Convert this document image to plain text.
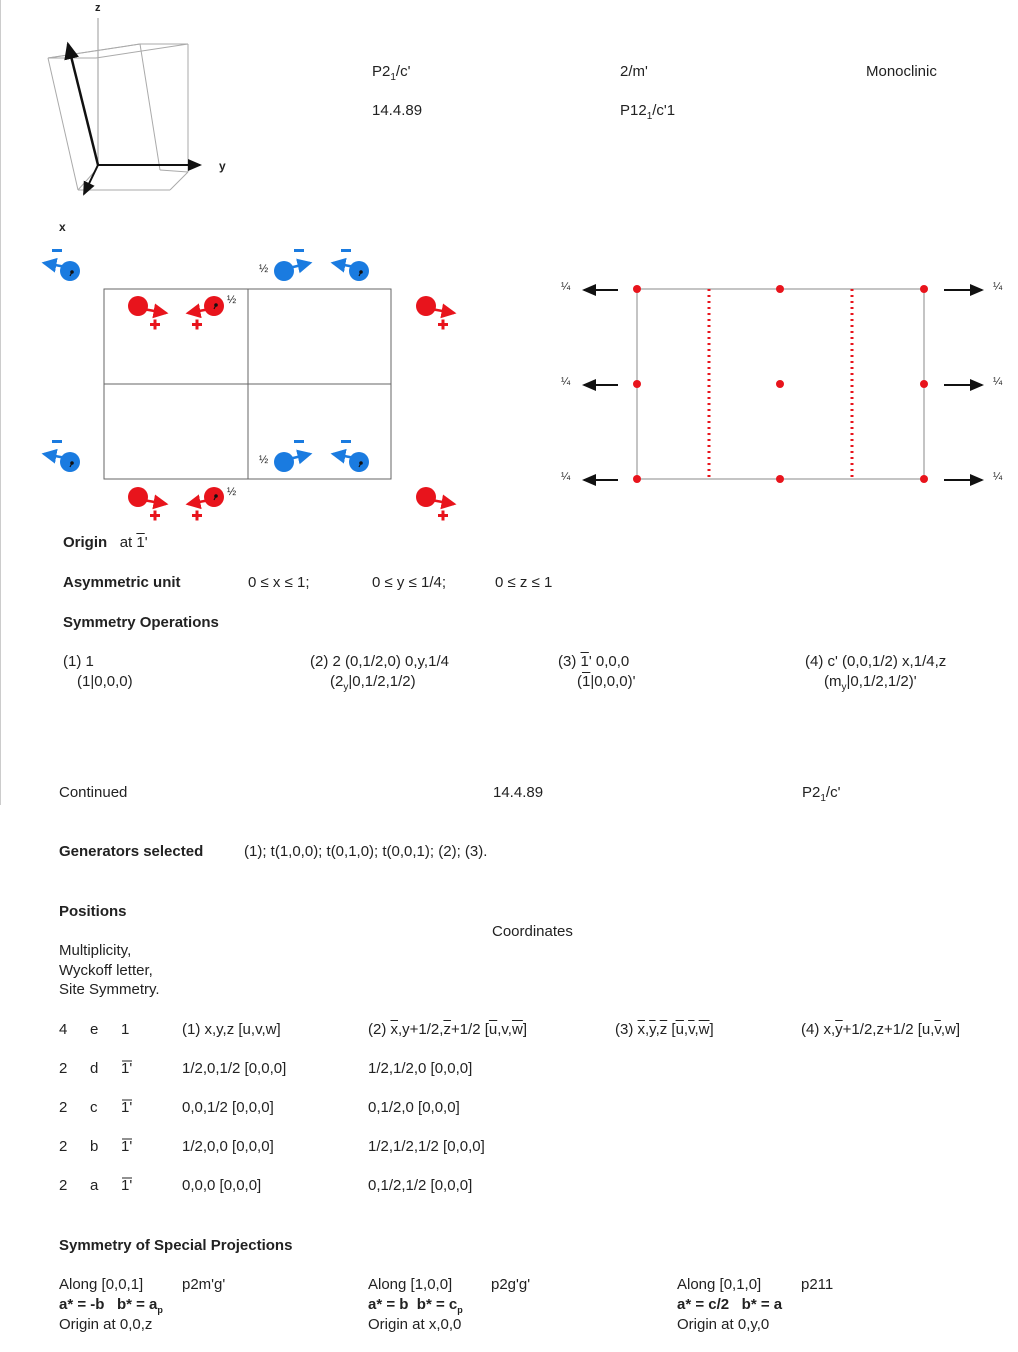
z
y
x
½
½
½
½
¼
¼
¼
¼
¼
¼
$P2_1/c'$	2/m'	Monoclinic
14.4.89	$P12_1/c'1$
Origin at 1'
Asymmetric unit	0 ≤ x ≤ 1;	0 ≤ y ≤ 1/4;	0 ≤ z ≤ 1
Symmetry Operations
(1) 1
(1|0,0,0)
(2) 2 (0,1/2,0) 0,y,1/4
$(2_y|0,1/2,1/2)$
(3) 1' 0,0,0
(1|0,0,0)'
(4) c' (0,0,1/2) x,1/4,z
$(m_y|0,1/2,1/2)'$
Continued	14.4.89	$P2_1/c'$
Generators selected	(1); t(1,0,0); t(0,1,0); t(0,0,1); (2); (3).
Positions
Coordinates
Multiplicity,
Wyckoff letter,
Site Symmetry.
4 e 1	(1) x,y,z [u,v,w]	(2) $\overline{x},y+1/2,\overline{z}+1/2$ $[\overline{u},v,\overline{w}]$	(3) $\overline{x},\overline{y},\overline{z}$ $[\overline{u},\overline{v},\overline{w}]$	(4) $x,\overline{y}+1/2,z+1/2$ $[u,\overline{v},w]$
2 d 1'	1/2,0,1/2 [0,0,0]	1/2,1/2,0 [0,0,0]
2 c 1'	0,0,1/2 [0,0,0]	0,1/2,0 [0,0,0]
2 b 1'	1/2,0,0 [0,0,0]	1/2,1/2,1/2 [0,0,0]
2 a 1'	0,0,0 [0,0,0]	0,1/2,1/2 [0,0,0]
Symmetry of Special Projections
Along [0,0,1]	p2m'g'
a* = -b $b* = a_p$
Origin at 0,0,z
Along [1,0,0]	p2g'g'
a* = b $b* = c_p$
Origin at x,0,0
Along [0,1,0]	p211
a* = c/2 b* = a
Origin at 0,y,0
